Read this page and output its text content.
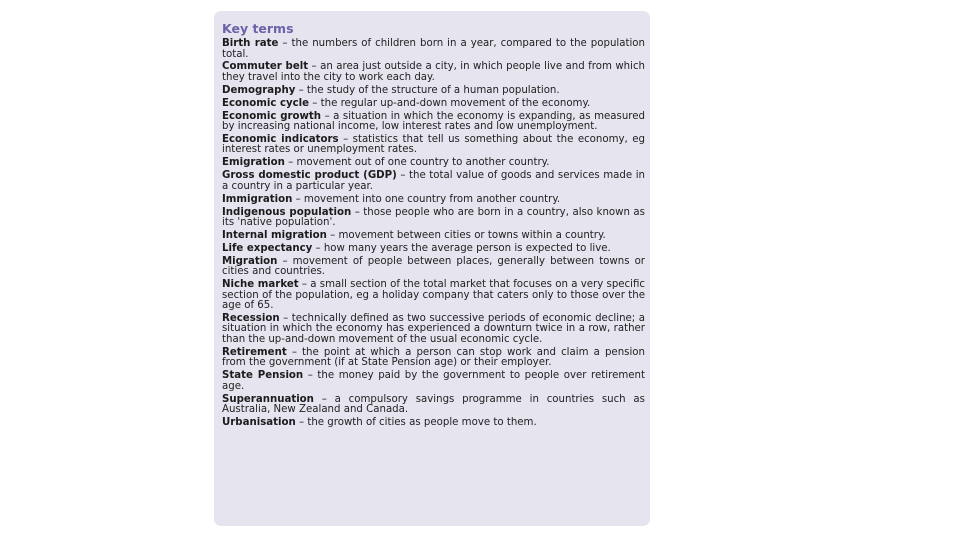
Key terms

Birth rate – the numbers of children born in a year, compared to the population total.

Commuter belt – an area just outside a city, in which people live and from which they travel into the city to work each day.

Demography – the study of the structure of a human population.

Economic cycle – the regular up-and-down movement of the economy.

Economic growth – a situation in which the economy is expanding, as measured by increasing national income, low interest rates and low unemployment.

Economic indicators – statistics that tell us something about the economy, eg interest rates or unemployment rates.

Emigration – movement out of one country to another country.

Gross domestic product (GDP) – the total value of goods and services made in a country in a particular year.

Immigration – movement into one country from another country.

Indigenous population – those people who are born in a country, also known as its 'native population'.

Internal migration – movement between cities or towns within a country.

Life expectancy – how many years the average person is expected to live.

Migration – movement of people between places, generally between towns or cities and countries.

Niche market – a small section of the total market that focuses on a very specific section of the population, eg a holiday company that caters only to those over the age of 65.

Recession – technically defined as two successive periods of economic decline; a situation in which the economy has experienced a downturn twice in a row, rather than the up-and-down movement of the usual economic cycle.

Retirement – the point at which a person can stop work and claim a pension from the government (if at State Pension age) or their employer.

State Pension – the money paid by the government to people over retirement age.

Superannuation – a compulsory savings programme in countries such as Australia, New Zealand and Canada.

Urbanisation – the growth of cities as people move to them.
